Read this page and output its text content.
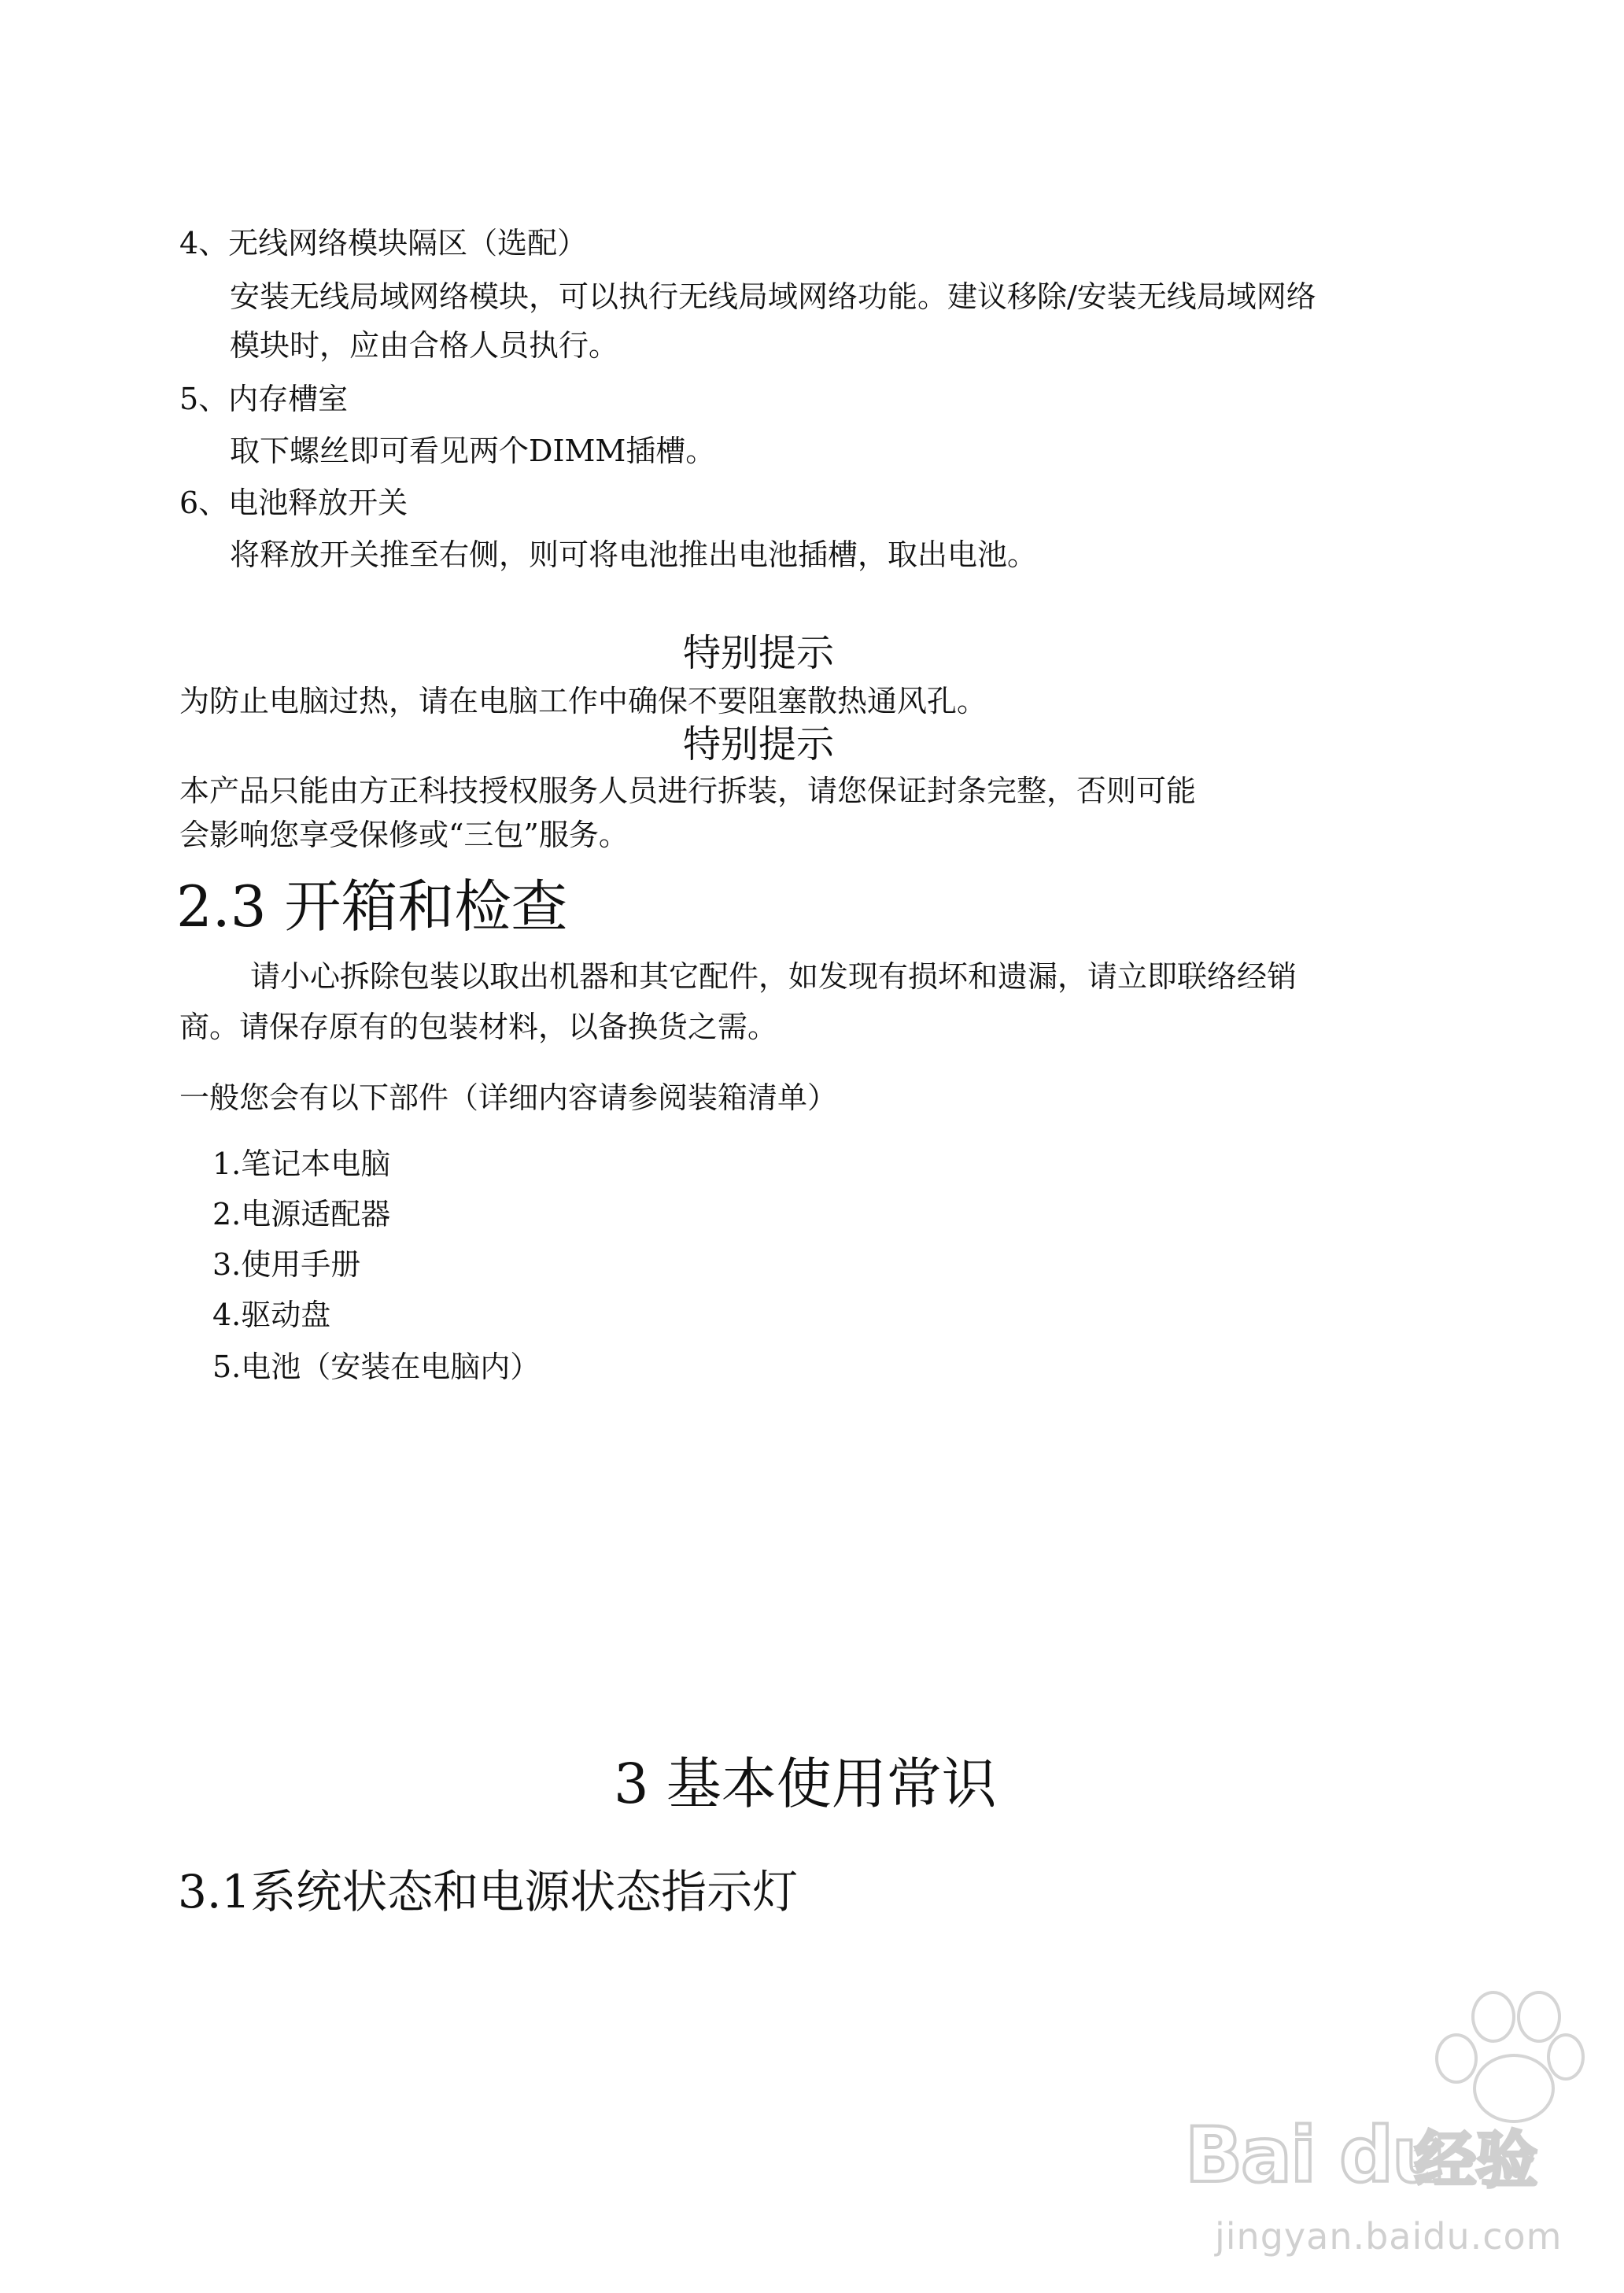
4、无线网络模块隔区（选配）
安装无线局域网络模块，可以执行无线局域网络功能。建议移除/安装无线局域网络
模块时，应由合格人员执行。
5、内存槽室
取下螺丝即可看见两个DIMM插槽。
6、电池释放开关
将释放开关推至右侧，则可将电池推出电池插槽，取出电池。
特别提示
为防止电脑过热，请在电脑工作中确保不要阻塞散热通风孔。
特别提示
本产品只能由方正科技授权服务人员进行拆装，请您保证封条完整，否则可能
会影响您享受保修或“三包”服务。
2.3 开箱和检查
请小心拆除包装以取出机器和其它配件，如发现有损坏和遗漏，请立即联络经销
商。请保存原有的包装材料，以备换货之需。
一般您会有以下部件（详细内容请参阅装箱清单）
1.笔记本电脑
2.电源适配器
3.使用手册
4.驱动盘
5.电池（安装在电脑内）
3 基本使用常识
3.1系统状态和电源状态指示灯
Bai du
经验
jingyan.baidu.com
